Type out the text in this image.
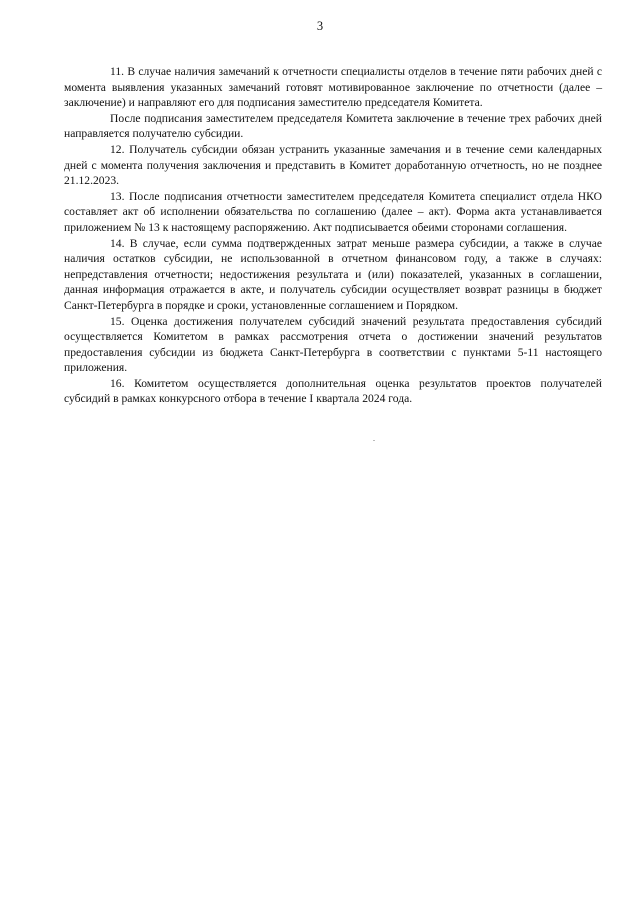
3

11. В случае наличия замечаний к отчетности специалисты отделов в течение пяти рабочих дней с момента выявления указанных замечаний готовят мотивированное заключение по отчетности (далее – заключение) и направляют его для подписания заместителю председателя Комитета.

После подписания заместителем председателя Комитета заключение в течение трех рабочих дней направляется получателю субсидии.

12. Получатель субсидии обязан устранить указанные замечания и в течение семи календарных дней с момента получения заключения и представить в Комитет доработанную отчетность, но не позднее 21.12.2023.

13. После подписания отчетности заместителем председателя Комитета специалист отдела НКО составляет акт об исполнении обязательства по соглашению (далее – акт). Форма акта устанавливается приложением № 13 к настоящему распоряжению. Акт подписывается обеими сторонами соглашения.

14. В случае, если сумма подтвержденных затрат меньше размера субсидии, а также в случае наличия остатков субсидии, не использованной в отчетном финансовом году, а также в случаях: непредставления отчетности; недостижения результата и (или) показателей, указанных в соглашении, данная информация отражается в акте, и получатель субсидии осуществляет возврат разницы в бюджет Санкт-Петербурга в порядке и сроки, установленные соглашением и Порядком.

15. Оценка достижения получателем субсидий значений результата предоставления субсидий осуществляется Комитетом в рамках рассмотрения отчета о достижении значений результатов предоставления субсидии из бюджета Санкт-Петербурга в соответствии с пунктами 5-11 настоящего приложения.

16. Комитетом осуществляется дополнительная оценка результатов проектов получателей субсидий в рамках конкурсного отбора в течение I квартала 2024 года.
